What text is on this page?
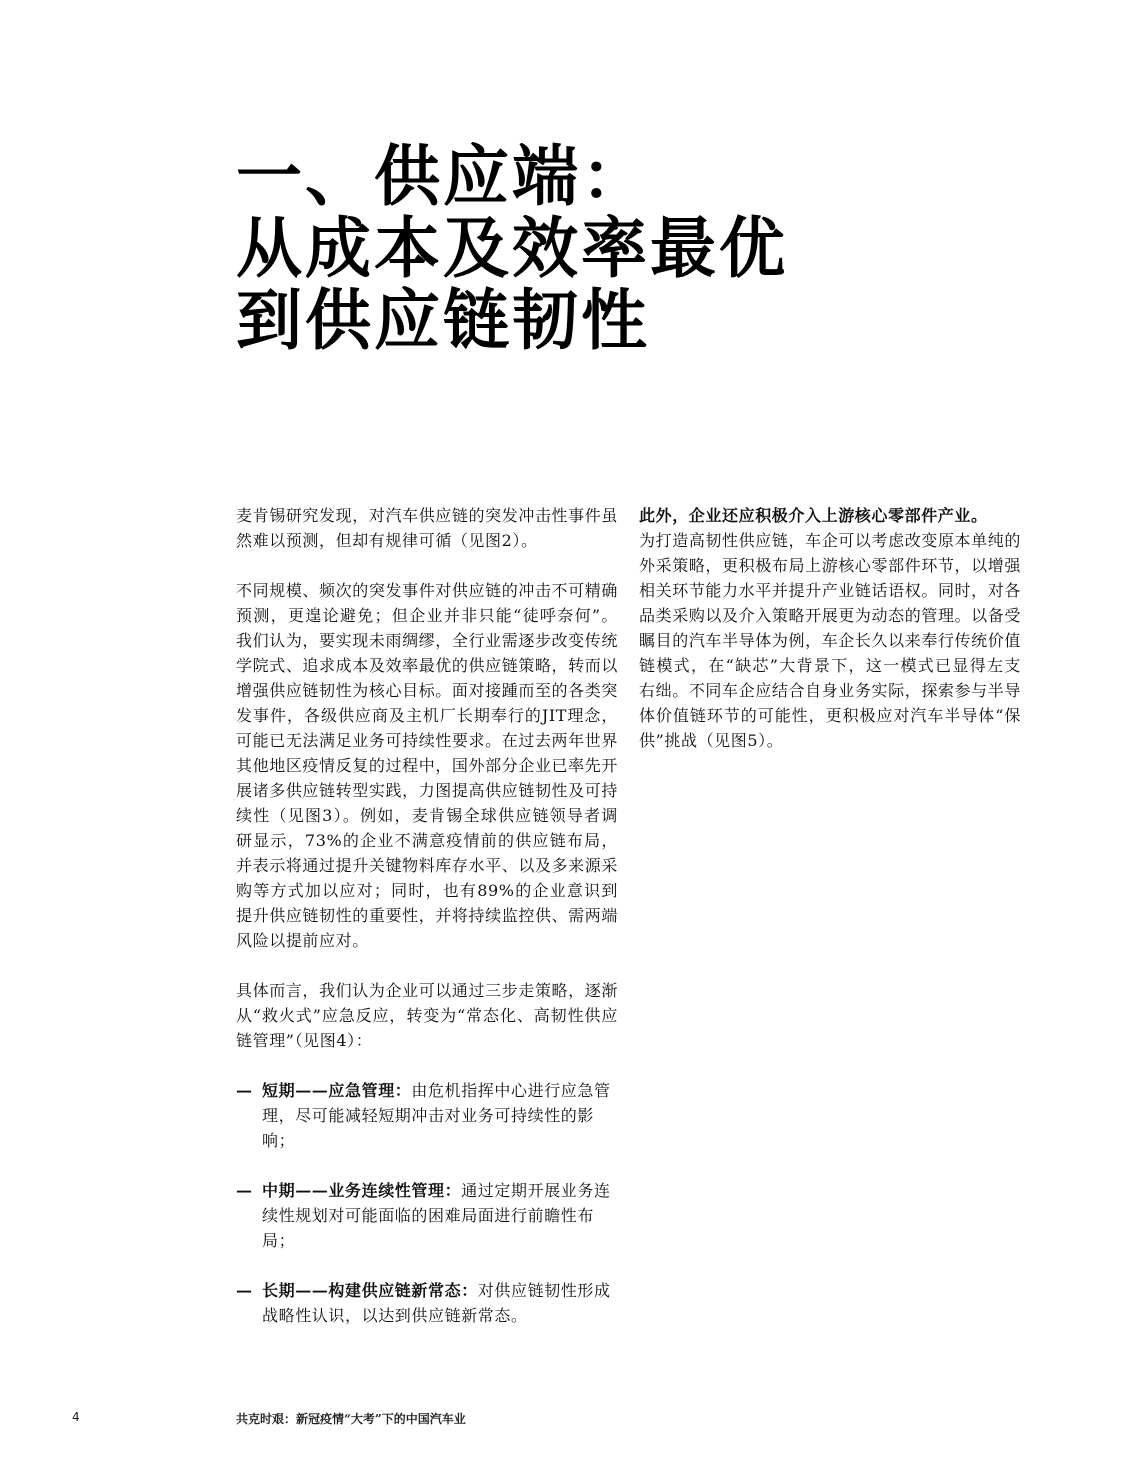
一、供应端：
从成本及效率最优
到供应链韧性

麦肯锡研究发现，对汽车供应链的突发冲击性事件虽然难以预测，但却有规律可循（见图2）。

不同规模、频次的突发事件对供应链的冲击不可精确预测，更遑论避免；但企业并非只能“徒呼奈何”。我们认为，要实现未雨绸缪，全行业需逐步改变传统学院式、追求成本及效率最优的供应链策略，转而以增强供应链韧性为核心目标。面对接踵而至的各类突发事件，各级供应商及主机厂长期奉行的JIT理念，可能已无法满足业务可持续性要求。在过去两年世界其他地区疫情反复的过程中，国外部分企业已率先开展诸多供应链转型实践，力图提高供应链韧性及可持续性（见图3）。例如，麦肯锡全球供应链领导者调研显示，73%的企业不满意疫情前的供应链布局，并表示将通过提升关键物料库存水平、以及多来源采购等方式加以应对；同时，也有89%的企业意识到提升供应链韧性的重要性，并将持续监控供、需两端风险以提前应对。

具体而言，我们认为企业可以通过三步走策略，逐渐从“救火式”应急反应，转变为“常态化、高韧性供应链管理”（见图4）：

— 短期——应急管理：由危机指挥中心进行应急管理，尽可能减轻短期冲击对业务可持续性的影响；
— 中期——业务连续性管理：通过定期开展业务连续性规划对可能面临的困难局面进行前瞻性布局；
— 长期——构建供应链新常态：对供应链韧性形成战略性认识，以达到供应链新常态。

此外，企业还应积极介入上游核心零部件产业。
为打造高韧性供应链，车企可以考虑改变原本单纯的外采策略，更积极布局上游核心零部件环节，以增强相关环节能力水平并提升产业链话语权。同时，对各品类采购以及介入策略开展更为动态的管理。以备受瞩目的汽车半导体为例，车企长久以来奉行传统价值链模式，在“缺芯”大背景下，这一模式已显得左支右绌。不同车企应结合自身业务实际，探索参与半导体价值链环节的可能性，更积极应对汽车半导体“保供”挑战（见图5）。

4	共克时艰：新冠疫情“大考”下的中国汽车业
